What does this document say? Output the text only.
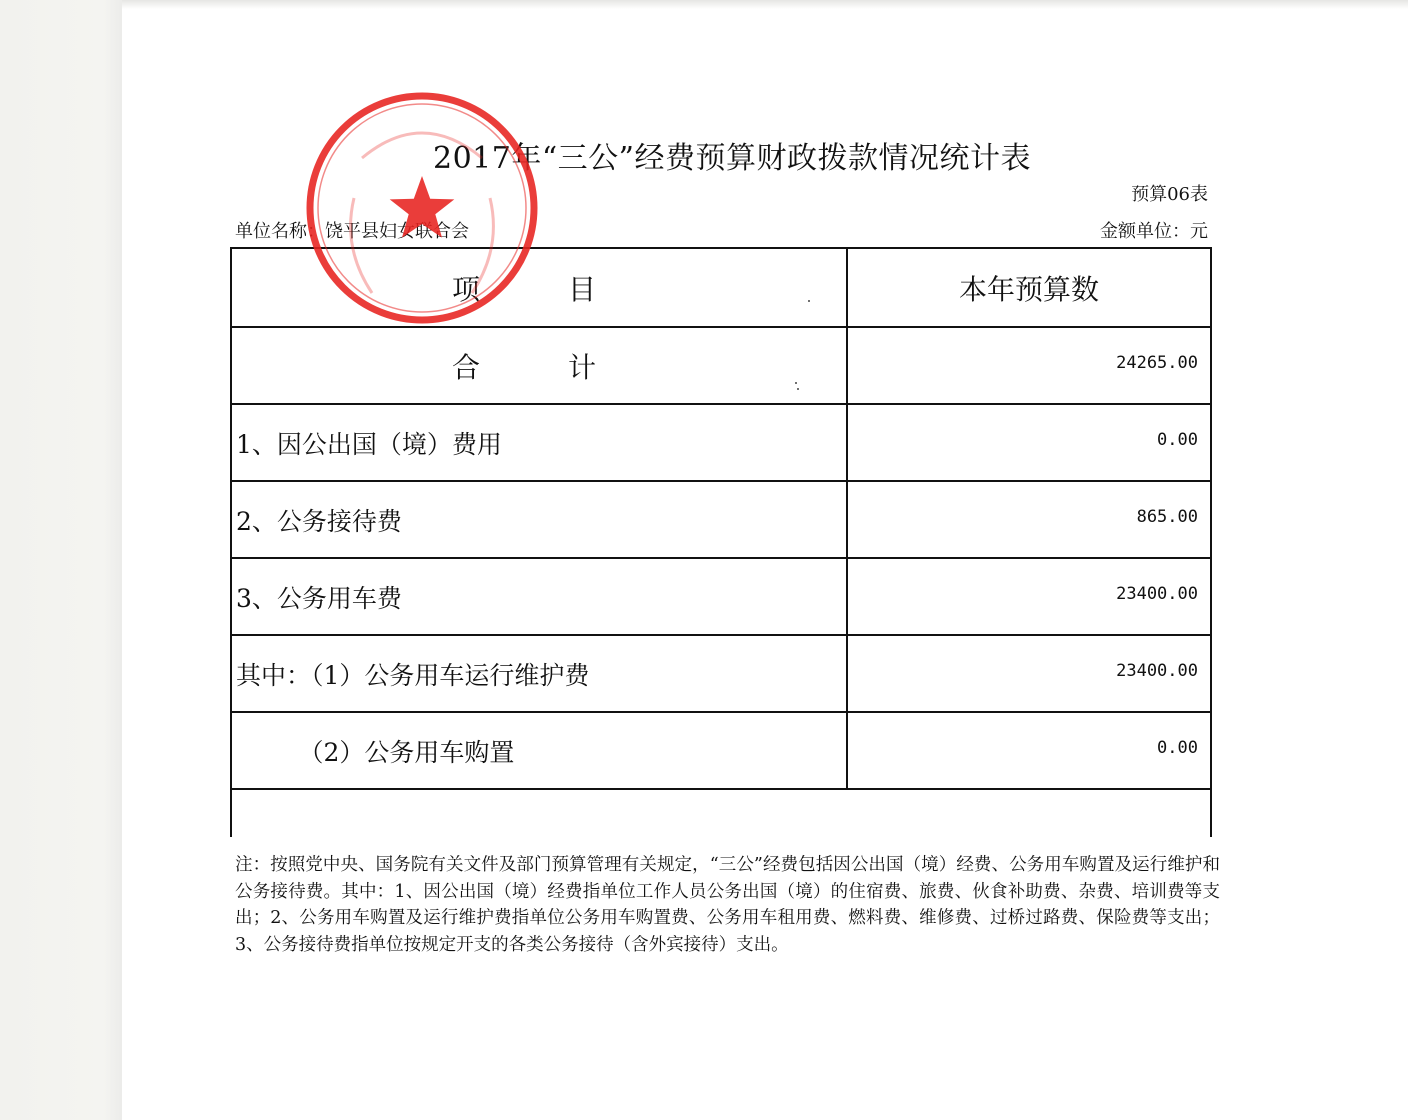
2017年“三公”经费预算财政拨款情况统计表
预算06表
单位名称：饶平县妇女联合会	金额单位：元
项　目	本年预算数
合　计	24265.00
1、因公出国（境）费用	0.00
2、公务接待费	865.00
3、公务用车费	23400.00
其中：（1）公务用车运行维护费	23400.00
　　　（2）公务用车购置	0.00
注：按照党中央、国务院有关文件及部门预算管理有关规定，“三公”经费包括因公出国（境）经费、公务用车购置及运行维护和公务接待费。其中：1、因公出国（境）经费指单位工作人员公务出国（境）的住宿费、旅费、伙食补助费、杂费、培训费等支出；2、公务用车购置及运行维护费指单位公务用车购置费、公务用车租用费、燃料费、维修费、过桥过路费、保险费等支出；3、公务接待费指单位按规定开支的各类公务接待（含外宾接待）支出。
